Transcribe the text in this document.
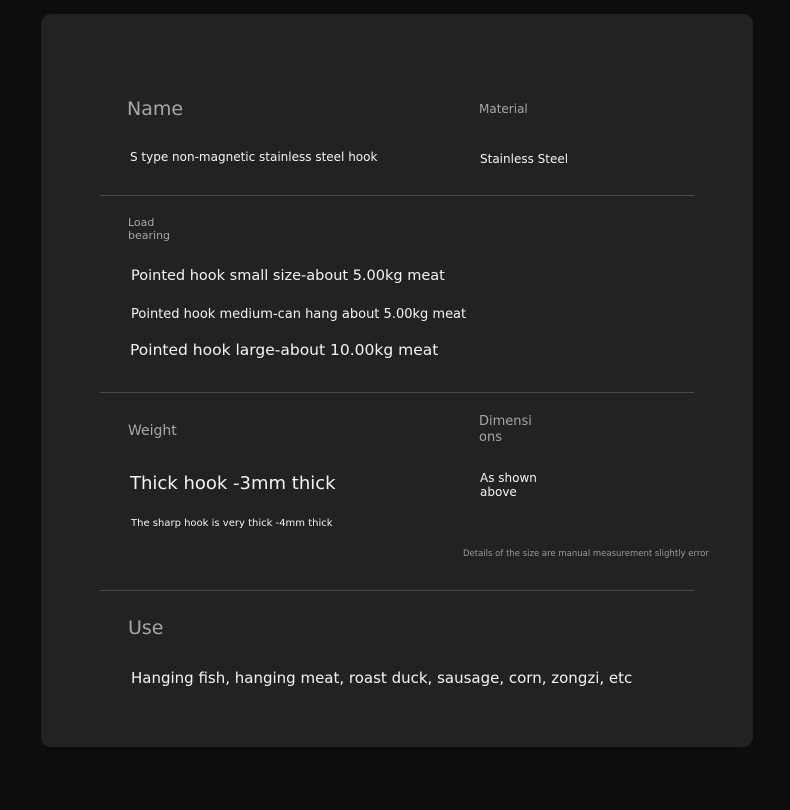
Name
S type non-magnetic stainless steel hook
Material
Stainless Steel
Load
bearing
Pointed hook small size-about 5.00kg meat
Pointed hook medium-can hang about 5.00kg meat
Pointed hook large-about 10.00kg meat
Weight
Thick hook -3mm thick
The sharp hook is very thick -4mm thick
Dimensi
ons
As shown
above
Details of the size are manual measurement slightly error
Use
Hanging fish, hanging meat, roast duck, sausage, corn, zongzi, etc
